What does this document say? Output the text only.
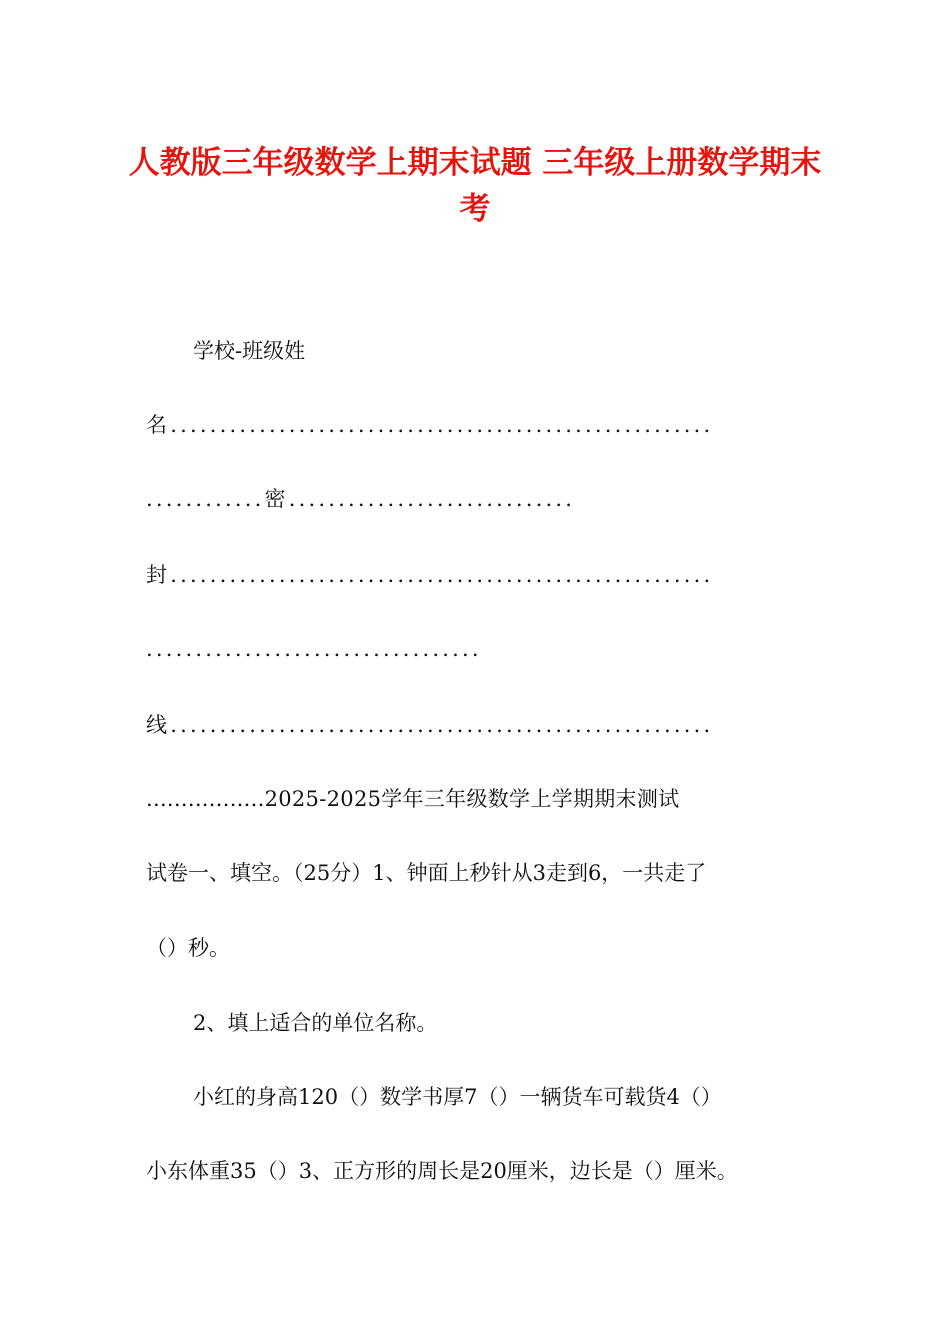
人教版三年级数学上期末试题 三年级上册数学期末考
学校-班级姓
名.......................................................
............密.............................
封.......................................................
..................................
线.......................................................
.................2025-2025学年三年级数学上学期期末测试
试卷一、填空。（25分）1、钟面上秒针从3走到6，一共走了
（）秒。
2、填上适合的单位名称。
小红的身高120（）数学书厚7（）一辆货车可载货4（）
小东体重35（）3、正方形的周长是20厘米，边长是（）厘米。
